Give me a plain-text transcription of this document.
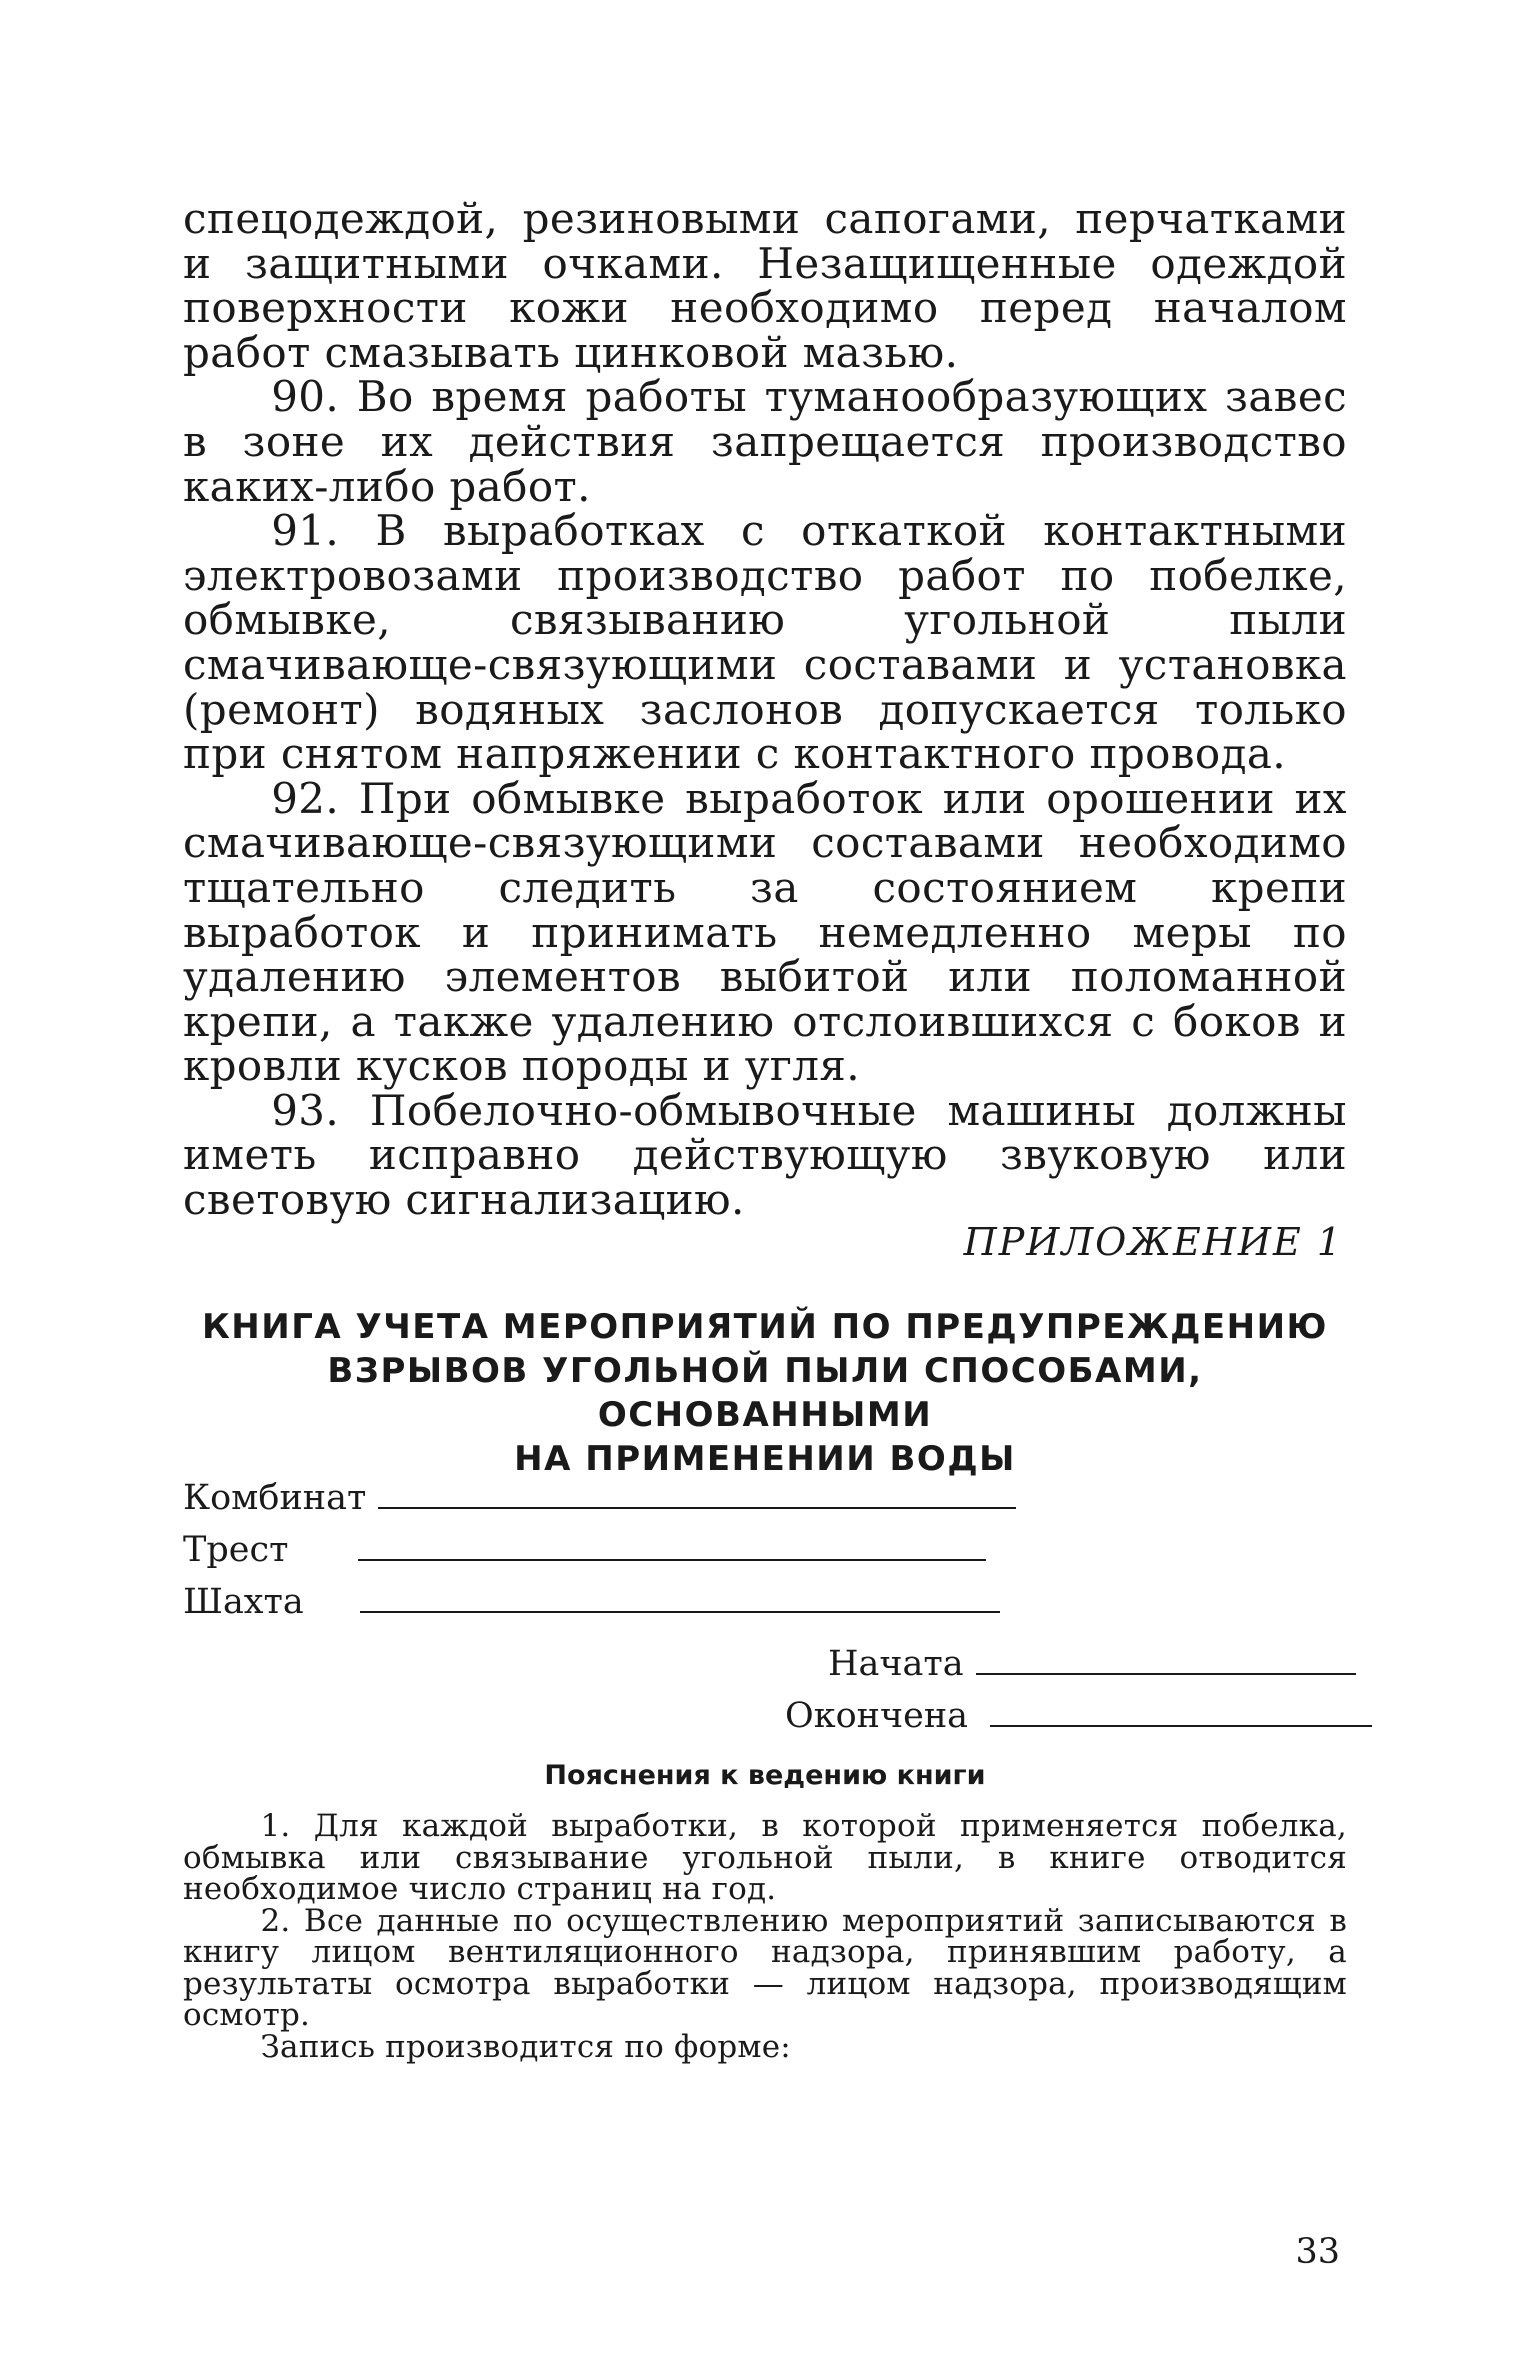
спецодеждой, резиновыми сапогами, перчатками и защитными очками. Незащищенные одеждой поверхности кожи необходимо перед началом работ смазывать цинковой мазью.

90. Во время работы туманообразующих завес в зоне их действия запрещается производство каких-либо работ.

91. В выработках с откаткой контактными электровозами производство работ по побелке, обмывке, связыванию угольной пыли смачивающе-связующими составами и установка (ремонт) водяных заслонов допускается только при снятом напряжении с контактного провода.

92. При обмывке выработок или орошении их смачивающе-связующими составами необходимо тщательно следить за состоянием крепи выработок и принимать немедленно меры по удалению элементов выбитой или поломанной крепи, а также удалению отслоившихся с боков и кровли кусков породы и угля.

93. Побелочно-обмывочные машины должны иметь исправно действующую звуковую или световую сигнализацию.

ПРИЛОЖЕНИЕ 1

КНИГА УЧЕТА МЕРОПРИЯТИЙ ПО ПРЕДУПРЕЖДЕНИЮ
ВЗРЫВОВ УГОЛЬНОЙ ПЫЛИ СПОСОБАМИ, ОСНОВАННЫМИ
НА ПРИМЕНЕНИИ ВОДЫ
Комбинат
Трест
Шахта
Начата
Окончена
Пояснения к ведению книги

1. Для каждой выработки, в которой применяется побелка, обмывка или связывание угольной пыли, в книге отводится необходимое число страниц на год.

2. Все данные по осуществлению мероприятий записываются в книгу лицом вентиляционного надзора, принявшим работу, а результаты осмотра выработки — лицом надзора, производящим осмотр.

Запись производится по форме:

33
